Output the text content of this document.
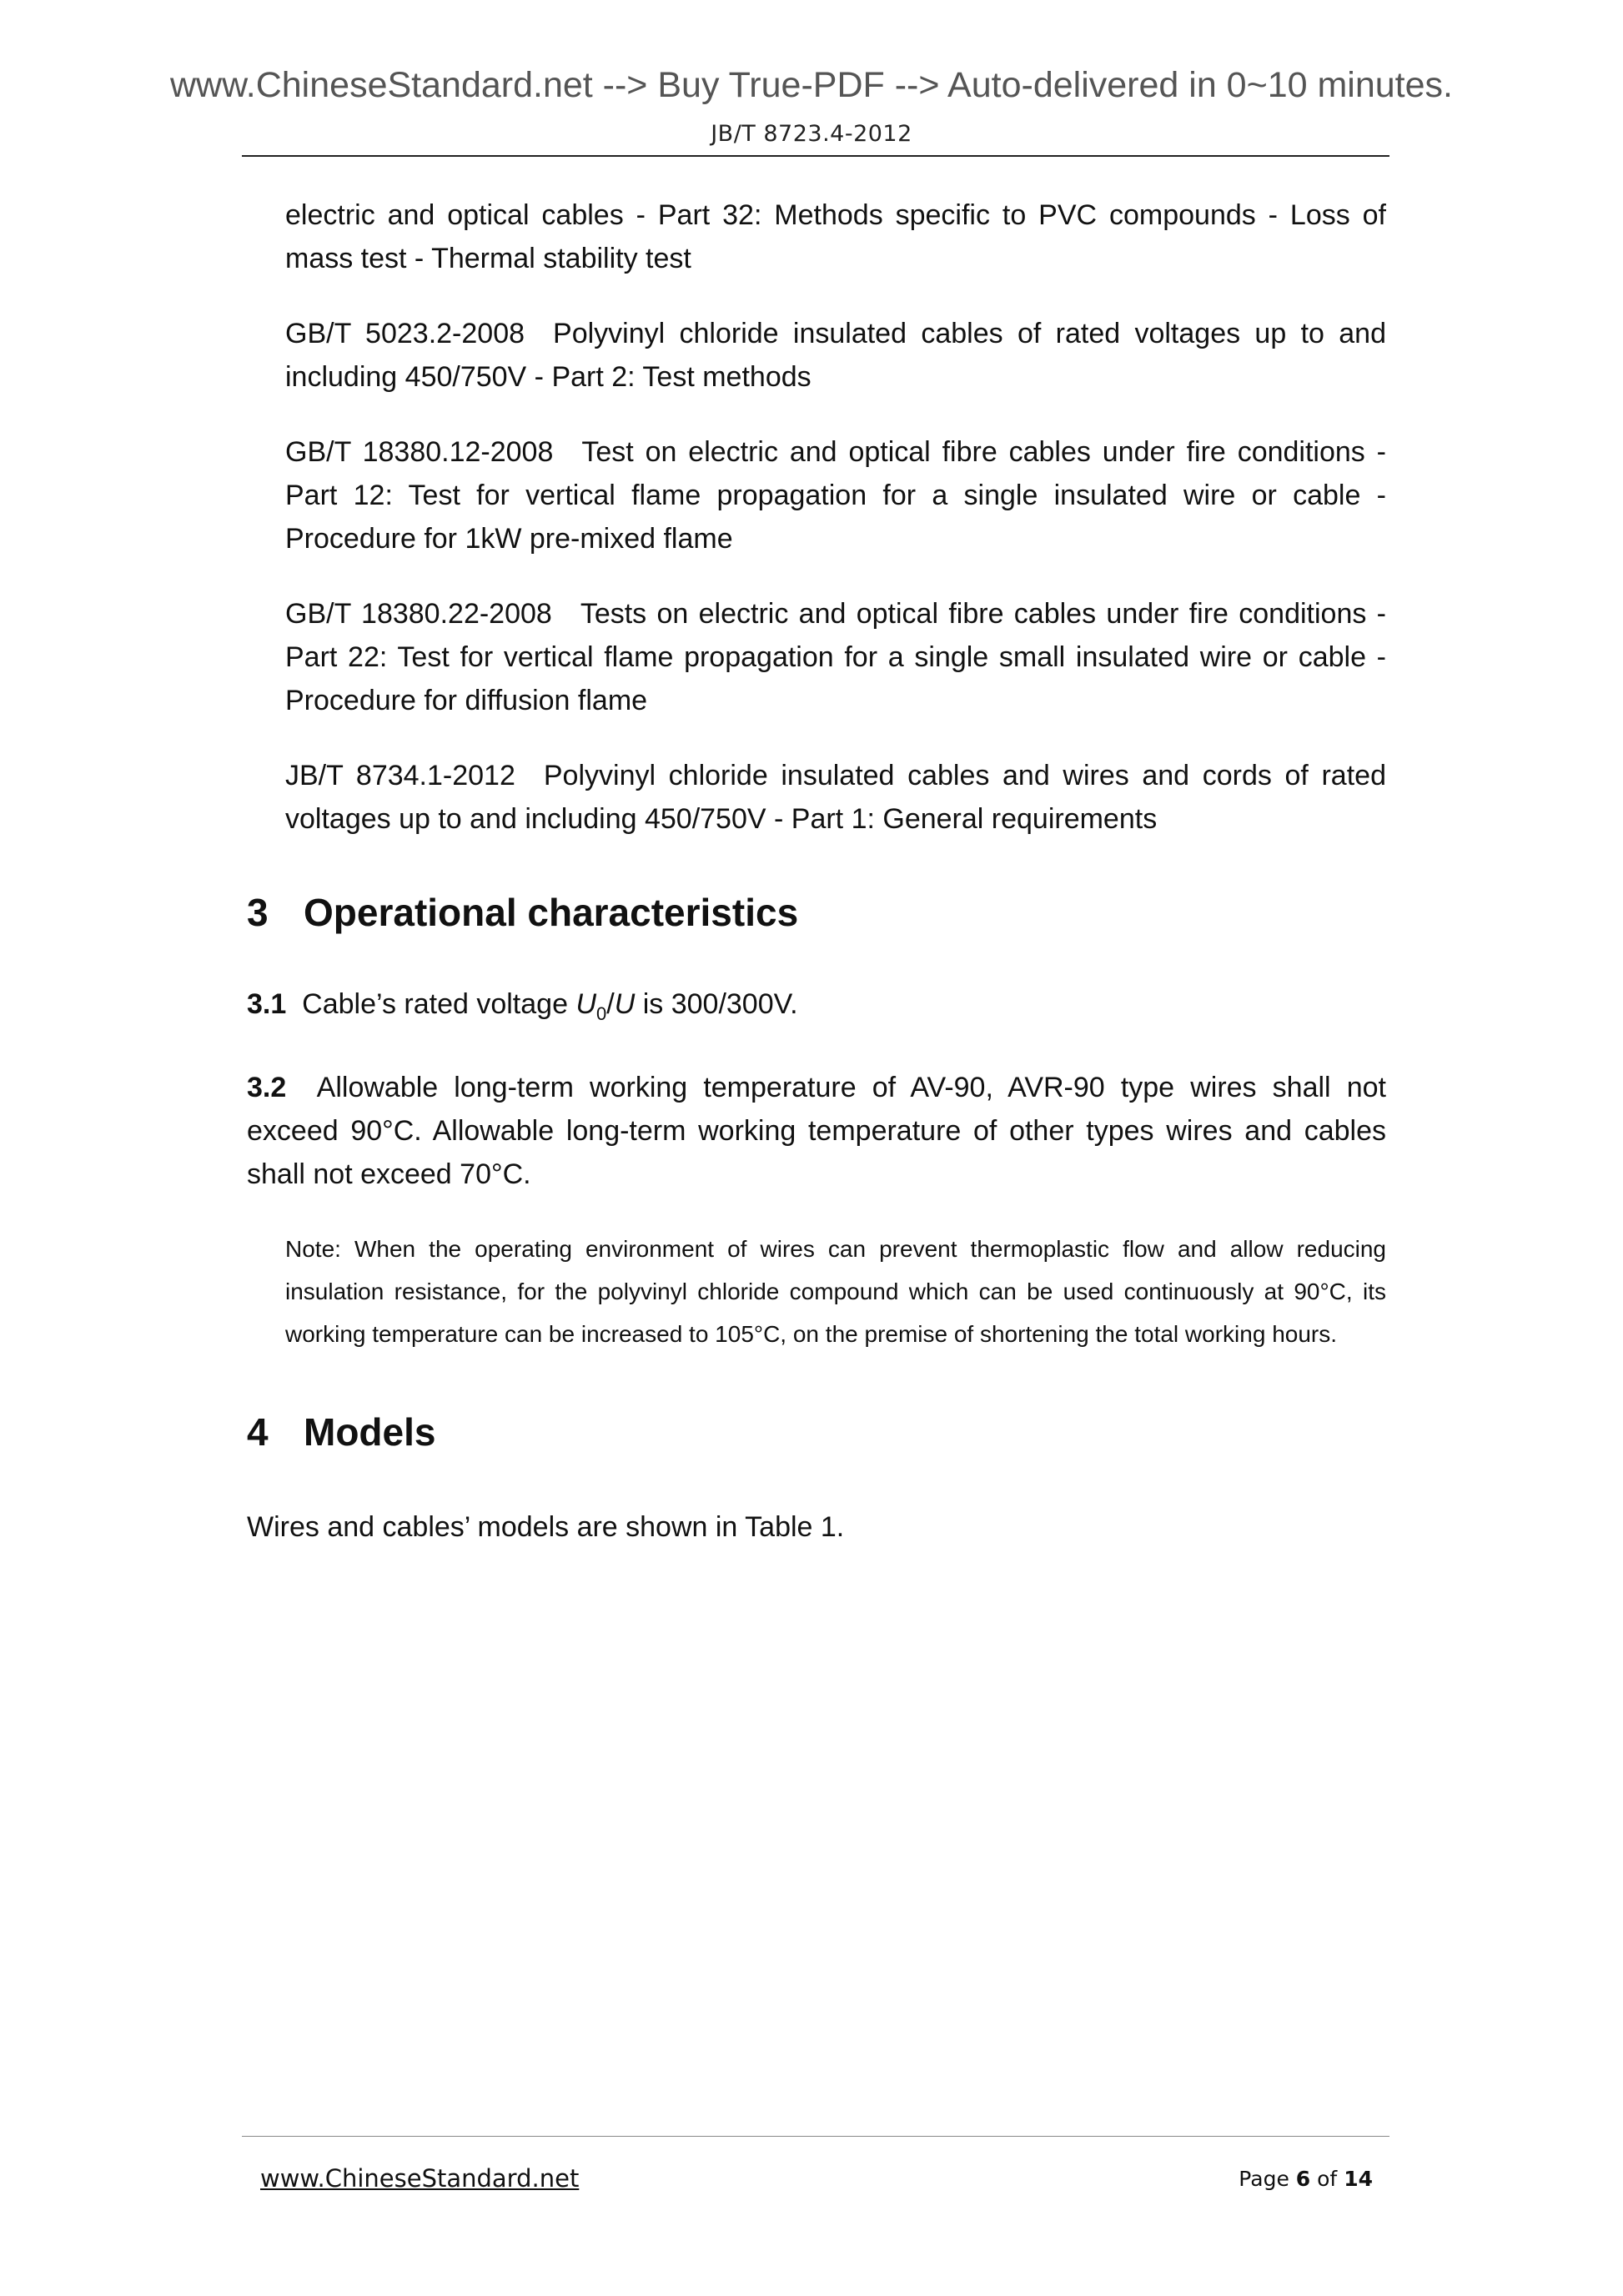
www.ChineseStandard.net --> Buy True-PDF --> Auto-delivered in 0~10 minutes.
JB/T 8723.4-2012

electric and optical cables - Part 32: Methods specific to PVC compounds - Loss of mass test - Thermal stability test

GB/T 5023.2-2008 Polyvinyl chloride insulated cables of rated voltages up to and including 450/750V - Part 2: Test methods

GB/T 18380.12-2008 Test on electric and optical fibre cables under fire conditions - Part 12: Test for vertical flame propagation for a single insulated wire or cable - Procedure for 1kW pre-mixed flame

GB/T 18380.22-2008 Tests on electric and optical fibre cables under fire conditions - Part 22: Test for vertical flame propagation for a single small insulated wire or cable - Procedure for diffusion flame

JB/T 8734.1-2012 Polyvinyl chloride insulated cables and wires and cords of rated voltages up to and including 450/750V - Part 1: General requirements

3 Operational characteristics

3.1 Cable’s rated voltage $U_0/U$ is 300/300V.

3.2 Allowable long-term working temperature of AV-90, AVR-90 type wires shall not exceed 90°C. Allowable long-term working temperature of other types wires and cables shall not exceed 70°C.

Note: When the operating environment of wires can prevent thermoplastic flow and allow reducing insulation resistance, for the polyvinyl chloride compound which can be used continuously at 90°C, its working temperature can be increased to 105°C, on the premise of shortening the total working hours.

4 Models

Wires and cables’ models are shown in Table 1.

www.ChineseStandard.net	Page 6 of 14
